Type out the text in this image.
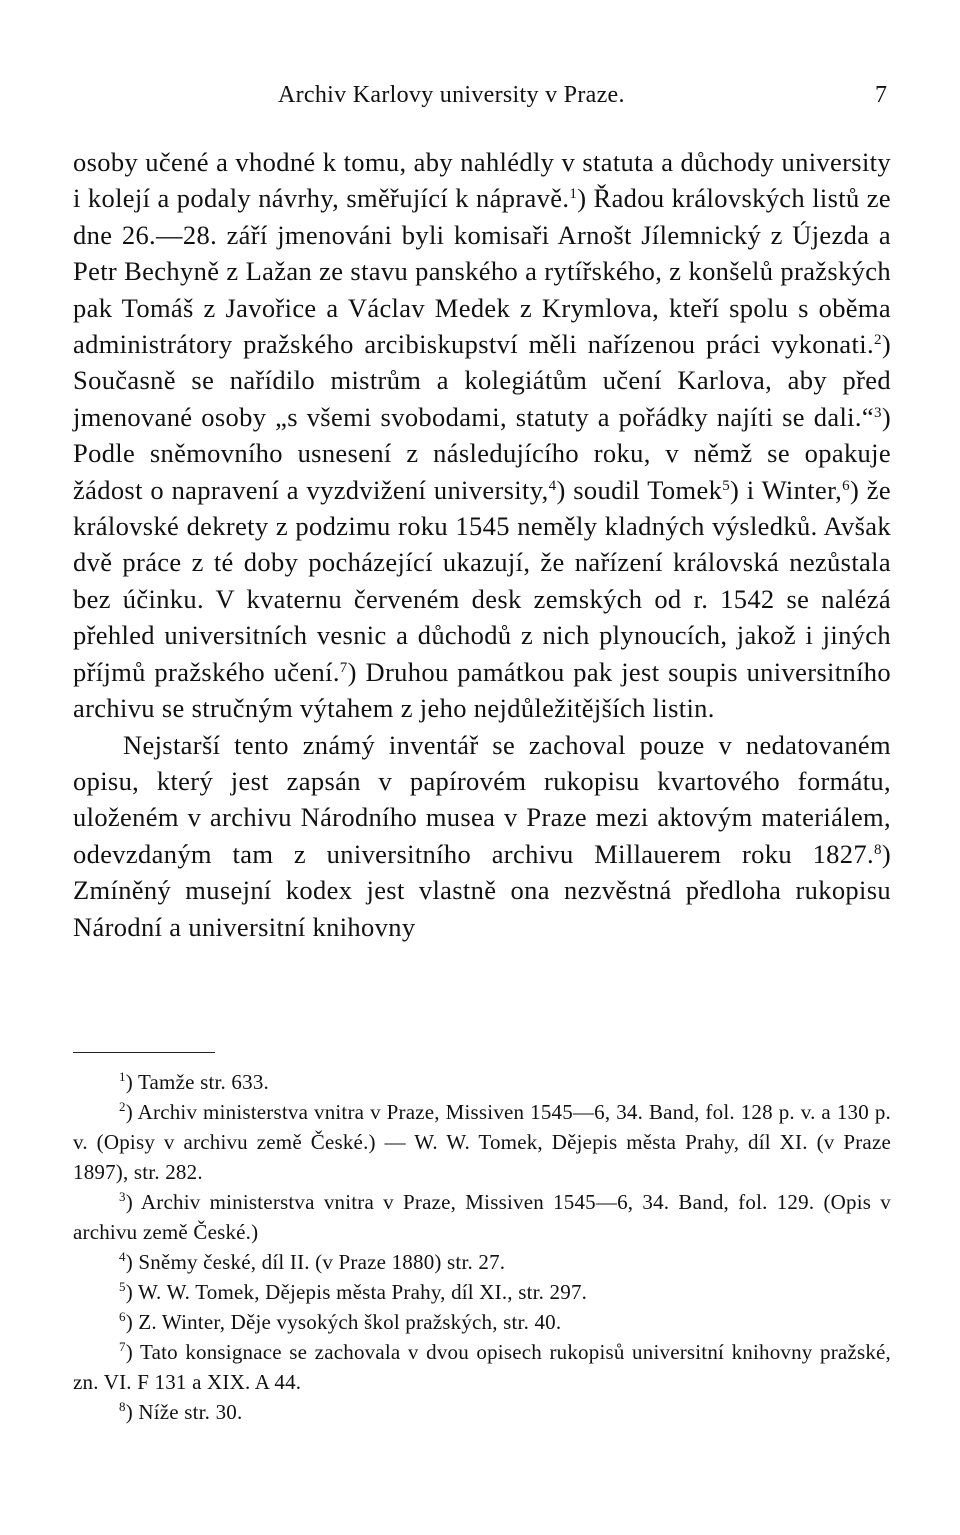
Archiv Karlovy university v Praze.	7

osoby učené a vhodné k tomu, aby nahlédly v statuta a důchody university i kolejí a podaly návrhy, směřující k nápravě.$^1$) Řadou královských listů ze dne 26.—28. září jmenováni byli komisaři Arnošt Jílemnický z Újezda a Petr Bechyně z Lažan ze stavu panského a rytířského, z konšelů pražských pak Tomáš z Javořice a Václav Medek z Krymlova, kteří spolu s oběma administrátory pražského arcibiskupství měli nařízenou práci vykonati.$^2$) Současně se nařídilo mistrům a kolegiátům učení Karlova, aby před jmenované osoby „s všemi svobodami, statuty a pořádky najíti se dali.“$^3$) Podle sněmovního usnesení z následujícího roku, v němž se opakuje žádost o napravení a vyzdvižení university,$^4$) soudil Tomek$^5$) i Winter,$^6$) že královské dekrety z podzimu roku 1545 neměly kladných výsledků. Avšak dvě práce z té doby pocházející ukazují, že nařízení královská nezůstala bez účinku. V kvaternu červeném desk zemských od r. 1542 se nalézá přehled universitních vesnic a důchodů z nich plynoucích, jakož i jiných příjmů pražského učení.$^7$) Druhou památkou pak jest soupis universitního archivu se stručným výtahem z jeho nejdůležitějších listin.

Nejstarší tento známý inventář se zachoval pouze v nedatovaném opisu, který jest zapsán v papírovém rukopisu kvartového formátu, uloženém v archivu Národního musea v Praze mezi aktovým materiálem, odevzdaným tam z universitního archivu Millauerem roku 1827.$^8$) Zmíněný musejní kodex jest vlastně ona nezvěstná předloha rukopisu Národní a universitní knihovny

$^1$) Tamže str. 633.

$^2$) Archiv ministerstva vnitra v Praze, Missiven 1545—6, 34. Band, fol. 128 p. v. a 130 p. v. (Opisy v archivu země České.) — W. W. Tomek, Dějepis města Prahy, díl XI. (v Praze 1897), str. 282.

$^3$) Archiv ministerstva vnitra v Praze, Missiven 1545—6, 34. Band, fol. 129. (Opis v archivu země České.)

$^4$) Sněmy české, díl II. (v Praze 1880) str. 27.

$^5$) W. W. Tomek, Dějepis města Prahy, díl XI., str. 297.

$^6$) Z. Winter, Děje vysokých škol pražských, str. 40.

$^7$) Tato konsignace se zachovala v dvou opisech rukopisů universitní knihovny pražské, zn. VI. F 131 a XIX. A 44.

$^8$) Níže str. 30.
